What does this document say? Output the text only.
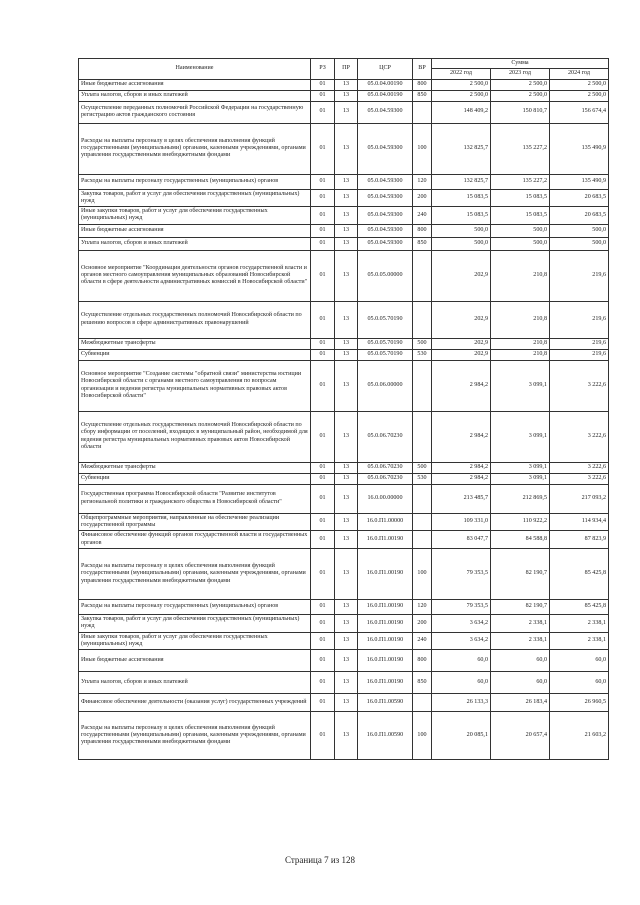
Наименование	РЗ	ПР	ЦСР	ВР	Сумма		
					2022 год	2023 год	2024 год
Иные бюджетные ассигнования	01	13	05.0.04.00190	800	2 500,0	2 500,0	2 500,0
Уплата налогов, сборов и иных платежей	01	13	05.0.04.00190	850	2 500,0	2 500,0	2 500,0
Осуществление переданных полномочий Российской Федерации на государственную регистрацию актов гражданского состояния	01	13	05.0.04.59300		148 409,2	150 810,7	156 674,4
Расходы на выплаты персоналу в целях обеспечения выполнения функций государственными (муниципальными) органами, казенными учреждениями, органами управления государственными внебюджетными фондами	01	13	05.0.04.59300	100	132 825,7	135 227,2	135 490,9
Расходы на выплаты персоналу государственных (муниципальных) органов	01	13	05.0.04.59300	120	132 825,7	135 227,2	135 490,9
Закупка товаров, работ и услуг для обеспечения государственных (муниципальных) нужд	01	13	05.0.04.59300	200	15 083,5	15 083,5	20 683,5
Иные закупки товаров, работ и услуг для обеспечения государственных (муниципальных) нужд	01	13	05.0.04.59300	240	15 083,5	15 083,5	20 683,5
Иные бюджетные ассигнования	01	13	05.0.04.59300	800	500,0	500,0	500,0
Уплата налогов, сборов и иных платежей	01	13	05.0.04.59300	850	500,0	500,0	500,0
Основное мероприятие "Координация деятельности органов государственной власти и органов местного самоуправления муниципальных образований Новосибирской области в сфере деятельности административных комиссий в Новосибирской области"	01	13	05.0.05.00000		202,9	210,8	219,6
Осуществление отдельных государственных полномочий Новосибирской области по решению вопросов в сфере административных правонарушений	01	13	05.0.05.70190		202,9	210,8	219,6
Межбюджетные трансферты	01	13	05.0.05.70190	500	202,9	210,8	219,6
Субвенции	01	13	05.0.05.70190	530	202,9	210,8	219,6
Основное мероприятие "Создание системы "обратной связи" министерства юстиции Новосибирской области с органами местного самоуправления по вопросам организации и ведения регистра муниципальных нормативных правовых актов Новосибирской области"	01	13	05.0.06.00000		2 984,2	3 099,1	3 222,6
Осуществление отдельных государственных полномочий Новосибирской области по сбору информации от поселений, входящих в муниципальный район, необходимой для ведения регистра муниципальных нормативных правовых актов Новосибирской области	01	13	05.0.06.70230		2 984,2	3 099,1	3 222,6
Межбюджетные трансферты	01	13	05.0.06.70230	500	2 984,2	3 099,1	3 222,6
Субвенции	01	13	05.0.06.70230	530	2 984,2	3 099,1	3 222,6
Государственная программа Новосибирской области "Развитие институтов региональной политики и гражданского общества в Новосибирской области"	01	13	16.0.00.00000		213 485,7	212 869,5	217 093,2
Общепрограммные мероприятия, направленные на обеспечение реализации государственной программы	01	13	16.0.П1.00000		109 331,0	110 922,2	114 934,4
Финансовое обеспечение функций органов государственной власти и государственных органов	01	13	16.0.П1.00190		83 047,7	84 588,8	87 823,9
Расходы на выплаты персоналу в целях обеспечения выполнения функций государственными (муниципальными) органами, казенными учреждениями, органами управления государственными внебюджетными фондами	01	13	16.0.П1.00190	100	79 353,5	82 190,7	85 425,8
Расходы на выплаты персоналу государственных (муниципальных) органов	01	13	16.0.П1.00190	120	79 353,5	82 190,7	85 425,8
Закупка товаров, работ и услуг для обеспечения государственных (муниципальных) нужд	01	13	16.0.П1.00190	200	3 634,2	2 338,1	2 338,1
Иные закупки товаров, работ и услуг для обеспечения государственных (муниципальных) нужд	01	13	16.0.П1.00190	240	3 634,2	2 338,1	2 338,1
Иные бюджетные ассигнования	01	13	16.0.П1.00190	800	60,0	60,0	60,0
Уплата налогов, сборов и иных платежей	01	13	16.0.П1.00190	850	60,0	60,0	60,0
Финансовое обеспечение деятельности (оказания услуг) государственных учреждений	01	13	16.0.П1.00590		26 133,3	26 183,4	26 960,5
Расходы на выплаты персоналу в целях обеспечения выполнения функций государственными (муниципальными) органами, казенными учреждениями, органами управления государственными внебюджетными фондами	01	13	16.0.П1.00590	100	20 085,1	20 657,4	21 603,2
Страница 7 из 128
